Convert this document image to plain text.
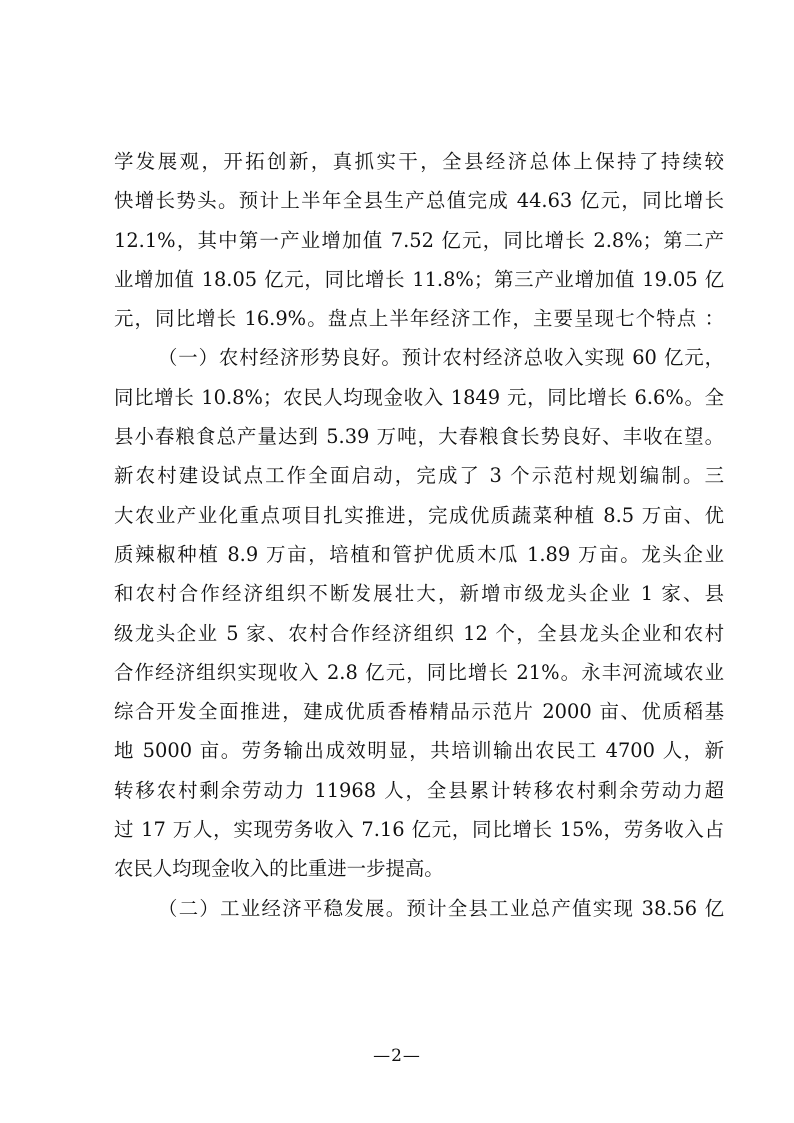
学发展观，开拓创新，真抓实干，全县经济总体上保持了持续较
快增长势头。预计上半年全县生产总值完成 44.63 亿元，同比增长
12.1%，其中第一产业增加值 7.52 亿元，同比增长 2.8%；第二产
业增加值 18.05 亿元，同比增长 11.8%；第三产业增加值 19.05 亿
元，同比增长 16.9%。盘点上半年经济工作，主要呈现七个特点 ：
（一）农村经济形势良好。预计农村经济总收入实现 60 亿元，
同比增长 10.8%；农民人均现金收入 1849 元，同比增长 6.6%。全
县小春粮食总产量达到 5.39 万吨，大春粮食长势良好、丰收在望。
新农村建设试点工作全面启动，完成了 3 个示范村规划编制。三
大农业产业化重点项目扎实推进，完成优质蔬菜种植 8.5 万亩、优
质辣椒种植 8.9 万亩，培植和管护优质木瓜 1.89 万亩。龙头企业
和农村合作经济组织不断发展壮大，新增市级龙头企业 1 家、县
级龙头企业 5 家、农村合作经济组织 12 个，全县龙头企业和农村
合作经济组织实现收入 2.8 亿元，同比增长 21%。永丰河流域农业
综合开发全面推进，建成优质香椿精品示范片 2000 亩、优质稻基
地 5000 亩。劳务输出成效明显，共培训输出农民工 4700 人，新
转移农村剩余劳动力 11968 人，全县累计转移农村剩余劳动力超
过 17 万人，实现劳务收入 7.16 亿元，同比增长 15%，劳务收入占
农民人均现金收入的比重进一步提高。
（二）工业经济平稳发展。预计全县工业总产值实现 38.56 亿
—2—
